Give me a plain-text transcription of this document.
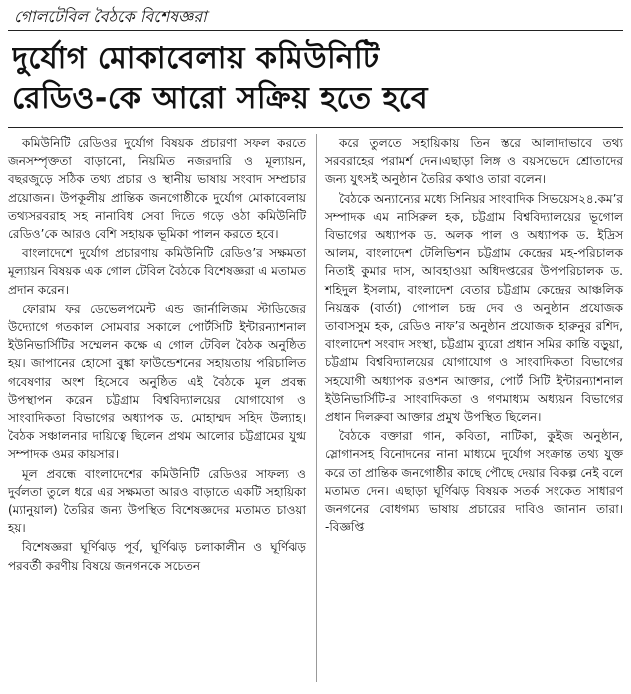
গোলটেবিল বৈঠকে বিশেষজ্ঞরা
দুর্যোগ মোকাবেলায় কমিউনিটি
রেডিও-কে আরো সক্রিয় হতে হবে

কমিউনিটি রেডিওর দুর্যোগ বিষয়ক প্রচারণা সফল করতে জনসম্পৃক্ততা বাড়ানো, নিয়মিত নজরদারি ও মূল্যায়ন, বছরজুড়ে সঠিক তথ্য প্রচার ও স্থানীয় ভাষায় সংবাদ সম্প্রচার প্রয়োজন। উপকূলীয় প্রান্তিক জনগোষ্ঠীকে দুর্যোগ মোকাবেলায় তথ্যসরবরাহ সহ নানাবিধ সেবা দিতে গড়ে ওঠা কমিউনিটি রেডিও’কে আরও বেশি সহায়ক ভূমিকা পালন করতে হবে।

বাংলাদেশে দুর্যোগ প্রচারণায় কমিউনিটি রেডিও’র সক্ষমতা মূল্যায়ন বিষয়ক এক গোল টেবিল বৈঠকে বিশেষজ্ঞরা এ মতামত প্রদান করেন।

ফোরাম ফর ডেভেলপমেন্ট এন্ড জার্নালিজম স্টাডিজের উদ্যোগে গতকাল সোমবার সকালে পোর্টসিটি ইন্টারন্যাশনাল ইউনিভার্সিটির সম্মেলন কক্ষে এ গোল টেবিল বৈঠক অনুষ্ঠিত হয়। জাপানের হোসো বুঙ্কা ফাউন্ডেশনের সহায়তায় পরিচালিত গবেষণার অংশ হিসেবে অনুষ্ঠিত এই বৈঠকে মূল প্রবন্ধ উপস্থাপন করেন চট্টগ্রাম বিশ্ববিদ্যালয়ের যোগাযোগ ও সাংবাদিকতা বিভাগের অধ্যাপক ড. মোহাম্মদ সহিদ উল্যাহ। বৈঠক সঞ্চালনার দায়িত্বে ছিলেন প্রথম আলোর চট্টগ্রামের যুগ্ম সম্পাদক ওমর কায়সার।

মূল প্রবন্ধে বাংলাদেশের কমিউনিটি রেডিওর সাফল্য ও দুর্বলতা তুলে ধরে এর সক্ষমতা আরও বাড়াতে একটি সহায়িকা (ম্যানুয়াল) তৈরির জন্য উপস্থিত বিশেষজ্ঞদের মতামত চাওয়া হয়।

বিশেষজ্ঞরা ঘূর্ণিঝড় পূর্ব, ঘূর্ণিঝড় চলাকালীন ও ঘূর্ণিঝড় পরবর্তী করণীয় বিষয়ে জনগনকে সচেতন

করে তুলতে সহায়িকায় তিন স্তরে আলাদাভাবে তথ্য সরবরাহের পরামর্শ দেন।এছাড়া লিঙ্গ ও বয়সভেদে শ্রোতাদের জন্য যুৎসই অনুষ্ঠান তৈরির কথাও তারা বলেন।

বৈঠকে অন্যান্যের মধ্যে সিনিয়র সাংবাদিক সিভয়েস২৪.কম’র সম্পাদক এম নাসিরুল হক, চট্টগ্রাম বিশ্ববিদ্যালয়ের ভূগোল বিভাগের অধ্যাপক ড. অলক পাল ও অধ্যাপক ড. ইদ্রিস আলম, বাংলাদেশ টেলিভিশন চট্টগ্রাম কেন্দ্রের মহ-পরিচালক নিতাই কুমার দাস, আবহাওয়া অধিদপ্তরের উপপরিচালক ড. শহিদুল ইসলাম, বাংলাদেশ বেতার চট্টগ্রাম কেন্দ্রের আঞ্চলিক নিয়ন্ত্রক (বার্তা) গোপাল চন্দ্র দেব ও অনুষ্ঠান প্রযোজক তাবাসসুম হক, রেডিও নাফ’র অনুষ্ঠান প্রযোজক হারুনুর রশিদ, বাংলাদেশ সংবাদ সংস্থা, চট্টগ্রাম ব্যুরো প্রধান সমির কান্তি বড়ুয়া, চট্টগ্রাম বিশ্ববিদ্যালয়ের যোগাযোগ ও সাংবাদিকতা বিভাগের সহযোগী অধ্যাপক রওশন আক্তার, পোর্ট সিটি ইন্টারন্যাশনাল ইউনিভার্সিটি-র সাংবাদিকতা ও গণমাধ্যম অধ্যয়ন বিভাগের প্রধান দিলরুবা আক্তার প্রমুখ উপস্থিত ছিলেন।

বৈঠকে বক্তারা গান, কবিতা, নাটিকা, কুইজ অনুষ্ঠান, স্লোগানসহ বিনোদনের নানা মাধ্যমে দুর্যোগ সংক্রান্ত তথ্য যুক্ত করে তা প্রান্তিক জনগোষ্ঠীর কাছে পৌছে দেয়ার বিকল্প নেই বলে মতামত দেন। এছাড়া ঘূর্ণিঝড় বিষয়ক সতর্ক সংকেত সাধারণ জনগনের বোধগম্য ভাষায় প্রচারের দাবিও জানান তারা। -বিজ্ঞপ্তি
